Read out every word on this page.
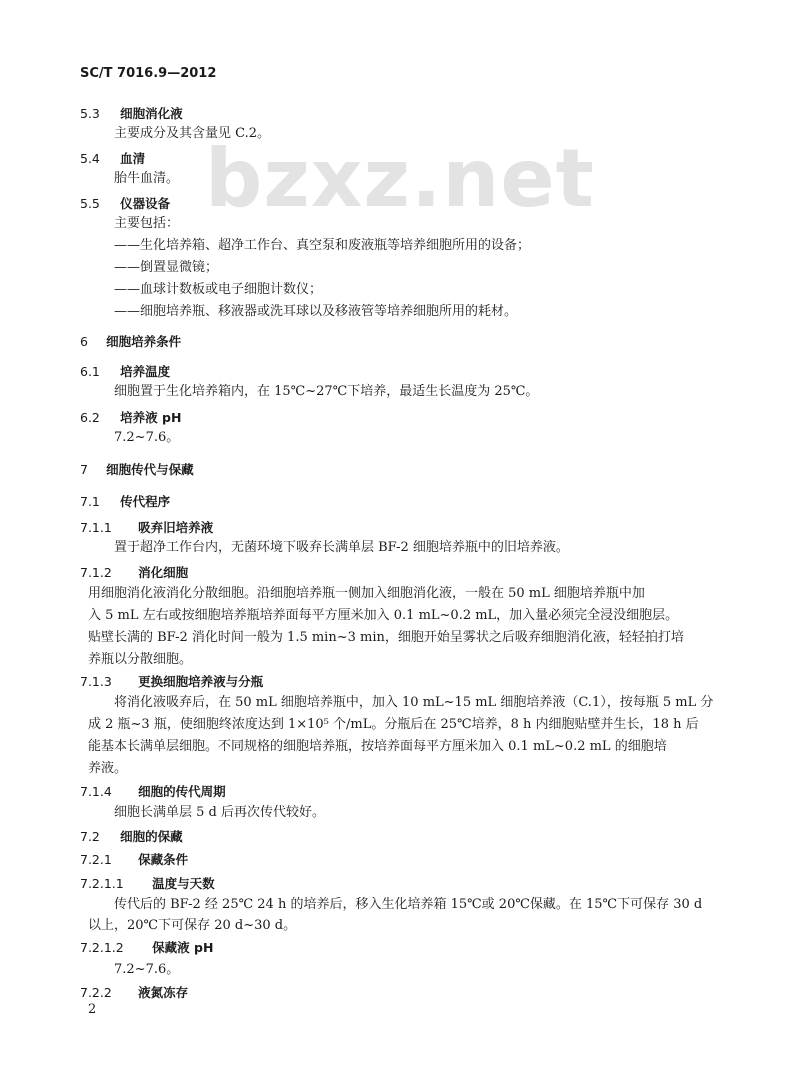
SC/T 7016.9—2012
bzxz.net
5.3 细胞消化液
主要成分及其含量见 C.2。
5.4 血清
胎牛血清。
5.5 仪器设备
主要包括：
——生化培养箱、超净工作台、真空泵和废液瓶等培养细胞所用的设备；
——倒置显微镜；
——血球计数板或电子细胞计数仪；
——细胞培养瓶、移液器或洗耳球以及移液管等培养细胞所用的耗材。
6 细胞培养条件
6.1 培养温度
细胞置于生化培养箱内，在 15℃~27℃下培养，最适生长温度为 25℃。
6.2 培养液 pH
7.2~7.6。
7 细胞传代与保藏
7.1 传代程序
7.1.1 吸弃旧培养液
置于超净工作台内，无菌环境下吸弃长满单层 BF-2 细胞培养瓶中的旧培养液。
7.1.2 消化细胞
用细胞消化液消化分散细胞。沿细胞培养瓶一侧加入细胞消化液，一般在 50 mL 细胞培养瓶中加
入 5 mL 左右或按细胞培养瓶培养面每平方厘米加入 0.1 mL~0.2 mL，加入量必须完全浸没细胞层。
贴壁长满的 BF-2 消化时间一般为 1.5 min~3 min，细胞开始呈雾状之后吸弃细胞消化液，轻轻拍打培
养瓶以分散细胞。
7.1.3 更换细胞培养液与分瓶
将消化液吸弃后，在 50 mL 细胞培养瓶中，加入 10 mL~15 mL 细胞培养液（C.1），按每瓶 5 mL 分
成 2 瓶~3 瓶，使细胞终浓度达到 1×10⁵ 个/mL。分瓶后在 25℃培养，8 h 内细胞贴壁并生长，18 h 后
能基本长满单层细胞。不同规格的细胞培养瓶，按培养面每平方厘米加入 0.1 mL~0.2 mL 的细胞培
养液。
7.1.4 细胞的传代周期
细胞长满单层 5 d 后再次传代较好。
7.2 细胞的保藏
7.2.1 保藏条件
7.2.1.1 温度与天数
传代后的 BF-2 经 25℃ 24 h 的培养后，移入生化培养箱 15℃或 20℃保藏。在 15℃下可保存 30 d
以上，20℃下可保存 20 d~30 d。
7.2.1.2 保藏液 pH
7.2~7.6。
7.2.2 液氮冻存
2
